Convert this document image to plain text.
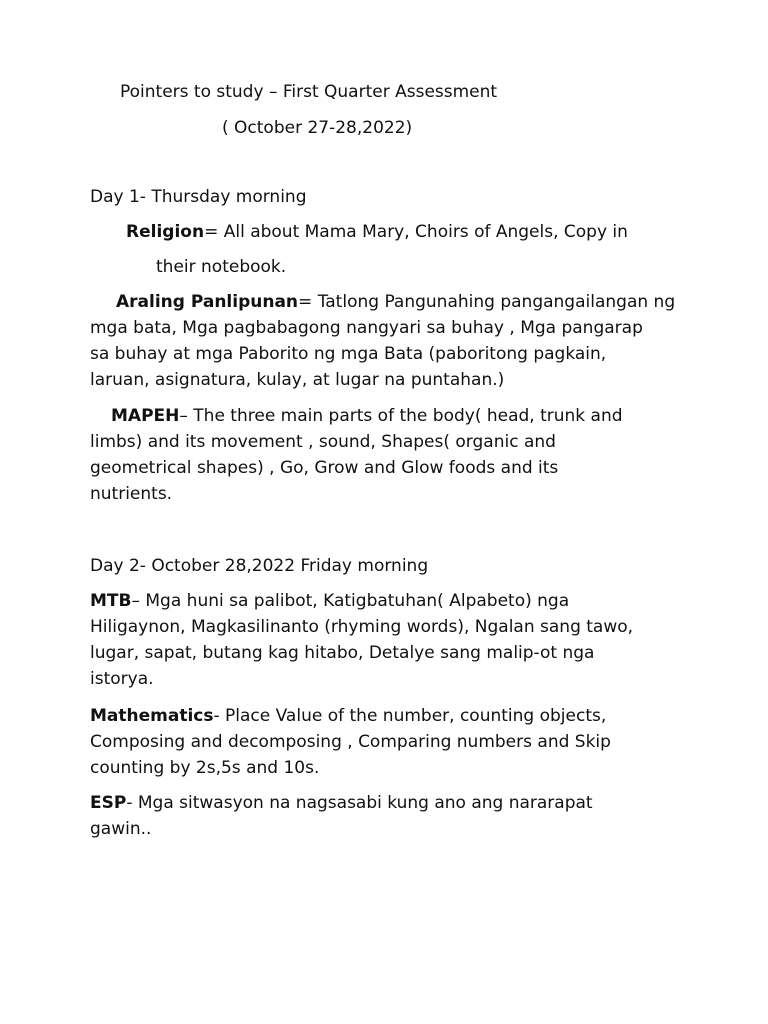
Pointers to study – First Quarter Assessment
( October 27-28,2022)
Day 1- Thursday morning
Religion= All about Mama Mary, Choirs of Angels, Copy in
their notebook.
Araling Panlipunan= Tatlong Pangunahing pangangailangan ng
mga bata, Mga pagbabagong nangyari sa buhay , Mga pangarap
sa buhay at mga Paborito ng mga Bata (paboritong pagkain,
laruan, asignatura, kulay, at lugar na puntahan.)
MAPEH– The three main parts of the body( head, trunk and
limbs) and its movement , sound, Shapes( organic and
geometrical shapes) , Go, Grow and Glow foods and its
nutrients.
Day 2- October 28,2022 Friday morning
MTB– Mga huni sa palibot, Katigbatuhan( Alpabeto) nga
Hiligaynon, Magkasilinanto (rhyming words), Ngalan sang tawo,
lugar, sapat, butang kag hitabo, Detalye sang malip-ot nga
istorya.
Mathematics- Place Value of the number, counting objects,
Composing and decomposing , Comparing numbers and Skip
counting by 2s,5s and 10s.
ESP- Mga sitwasyon na nagsasabi kung ano ang nararapat
gawin..
